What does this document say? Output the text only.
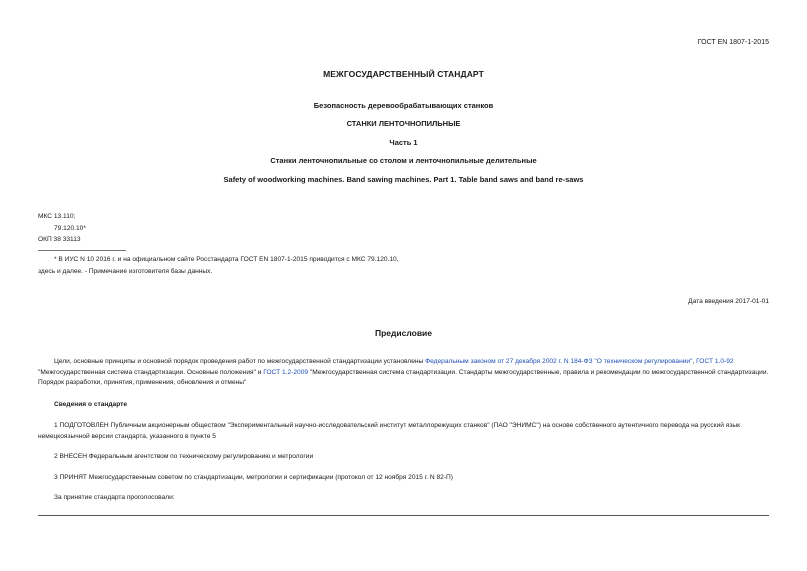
ГОСТ EN 1807-1-2015
МЕЖГОСУДАРСТВЕННЫЙ СТАНДАРТ
Безопасность деревообрабатывающих станков
СТАНКИ ЛЕНТОЧНОПИЛЬНЫЕ
Часть 1
Станки ленточнопильные со столом и ленточнопильные делительные
Safety of woodworking machines. Band sawing machines. Part 1. Table band saws and band re-saws
МКС 13.110;
79.120.10*
ОКП 38 33113
* В ИУС N 10 2016 г. и на официальном сайте Росстандарта ГОСТ EN 1807-1-2015 приводится с МКС 79.120.10,
здесь и далее. - Примечание изготовителя базы данных.
Дата введения 2017-01-01
Предисловие
Цели, основные принципы и основной порядок проведения работ по межгосударственной стандартизации установлены Федеральным законом от 27 декабря 2002 г. N 184-ФЗ "О техническом регулировании", ГОСТ 1.0-92 "Межгосударственная система стандартизации. Основные положения" и ГОСТ 1.2-2009 "Межгосударственная система стандартизации. Стандарты межгосударственные, правила и рекомендации по межгосударственной стандартизации. Порядок разработки, принятия, применения, обновления и отмены"
Сведения о стандарте
1 ПОДГОТОВЛЕН Публичным акционерным обществом "Экспериментальный научно-исследовательский институт металлорежущих станков" (ПАО "ЭНИМС") на основе собственного аутентичного перевода на русский язык немецкоязычной версии стандарта, указанного в пункте 5
2 ВНЕСЕН Федеральным агентством по техническому регулированию и метрологии
3 ПРИНЯТ Межгосударственным советом по стандартизации, метрологии и сертификации (протокол от 12 ноября 2015 г. N 82-П)
За принятие стандарта проголосовали:
